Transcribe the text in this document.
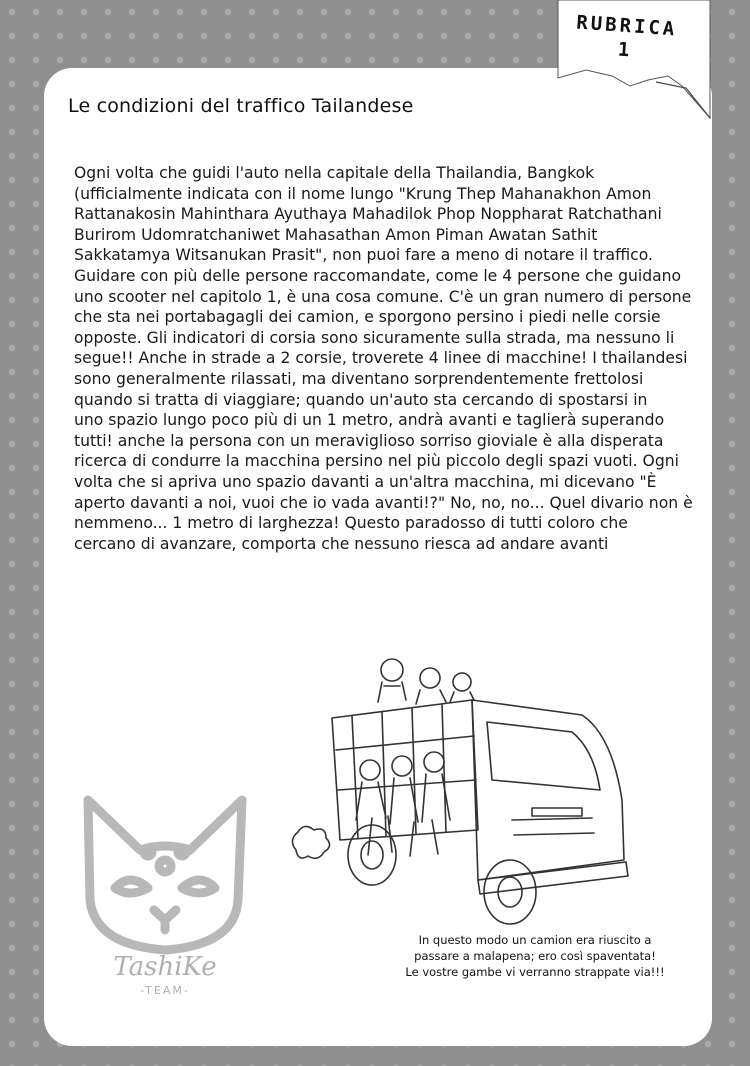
RUBRICA
1
Le condizioni del traffico Tailandese
Ogni volta che guidi l'auto nella capitale della Thailandia, Bangkok
(ufficialmente indicata con il nome lungo "Krung Thep Mahanakhon Amon
Rattanakosin Mahinthara Ayuthaya Mahadilok Phop Noppharat Ratchathani
Burirom Udomratchaniwet Mahasathan Amon Piman Awatan Sathit
Sakkatamya Witsanukan Prasit", non puoi fare a meno di notare il traffico.
Guidare con più delle persone raccomandate, come le 4 persone che guidano
uno scooter nel capitolo 1, è una cosa comune. C'è un gran numero di persone
che sta nei portabagagli dei camion, e sporgono persino i piedi nelle corsie
opposte. Gli indicatori di corsia sono sicuramente sulla strada, ma nessuno li
segue!! Anche in strade a 2 corsie, troverete 4 linee di macchine! I thailandesi
sono generalmente rilassati, ma diventano sorprendentemente frettolosi
quando si tratta di viaggiare; quando un'auto sta cercando di spostarsi in
uno spazio lungo poco più di un 1 metro, andrà avanti e taglierà superando
tutti! anche la persona con un meraviglioso sorriso gioviale è alla disperata
ricerca di condurre la macchina persino nel più piccolo degli spazi vuoti. Ogni
volta che si apriva uno spazio davanti a un'altra macchina, mi dicevano "È
aperto davanti a noi, vuoi che io vada avanti!?" No, no, no... Quel divario non è
nemmeno... 1 metro di larghezza! Questo paradosso di tutti coloro che
cercano di avanzare, comporta che nessuno riesca ad andare avanti
TashiKe
-TEAM-
In questo modo un camion era riuscito a
passare a malapena; ero così spaventata!
Le vostre gambe vi verranno strappate via!!!
